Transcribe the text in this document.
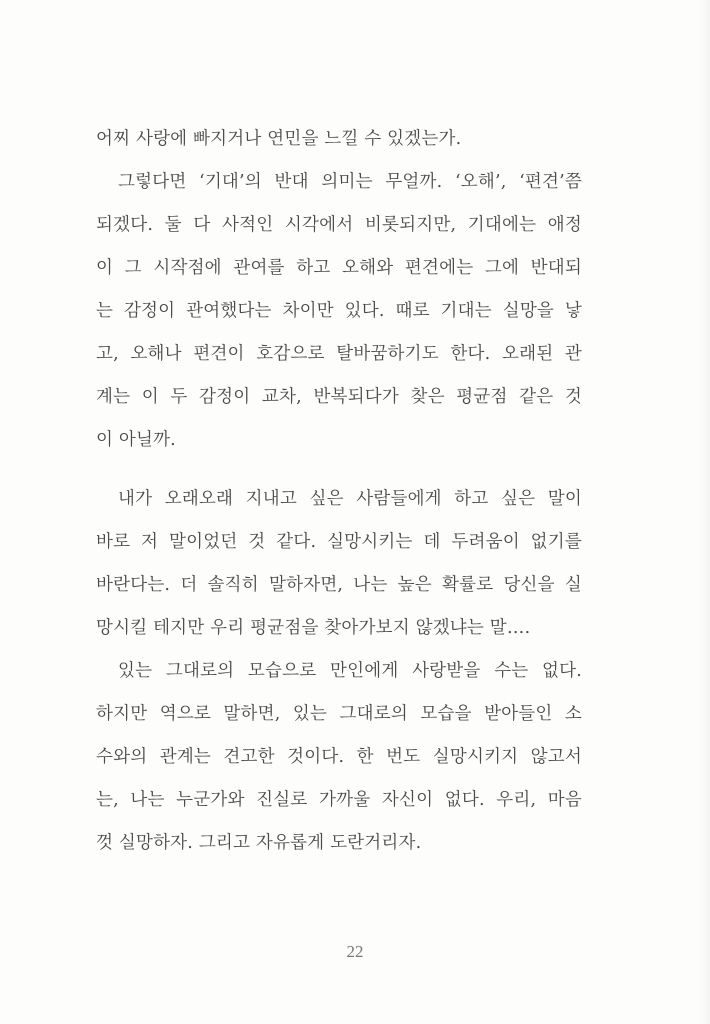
어찌 사랑에 빠지거나 연민을 느낄 수 있겠는가.
그렇다면 ‘기대’의 반대 의미는 무얼까. ‘오해’, ‘편견’쯤
되겠다. 둘 다 사적인 시각에서 비롯되지만, 기대에는 애정
이 그 시작점에 관여를 하고 오해와 편견에는 그에 반대되
는 감정이 관여했다는 차이만 있다. 때로 기대는 실망을 낳
고, 오해나 편견이 호감으로 탈바꿈하기도 한다. 오래된 관
계는 이 두 감정이 교차, 반복되다가 찾은 평균점 같은 것
이 아닐까.
내가 오래오래 지내고 싶은 사람들에게 하고 싶은 말이
바로 저 말이었던 것 같다. 실망시키는 데 두려움이 없기를
바란다는. 더 솔직히 말하자면, 나는 높은 확률로 당신을 실
망시킬 테지만 우리 평균점을 찾아가보지 않겠냐는 말….
있는 그대로의 모습으로 만인에게 사랑받을 수는 없다.
하지만 역으로 말하면, 있는 그대로의 모습을 받아들인 소
수와의 관계는 견고한 것이다. 한 번도 실망시키지 않고서
는, 나는 누군가와 진실로 가까울 자신이 없다. 우리, 마음
껏 실망하자. 그리고 자유롭게 도란거리자.
22
